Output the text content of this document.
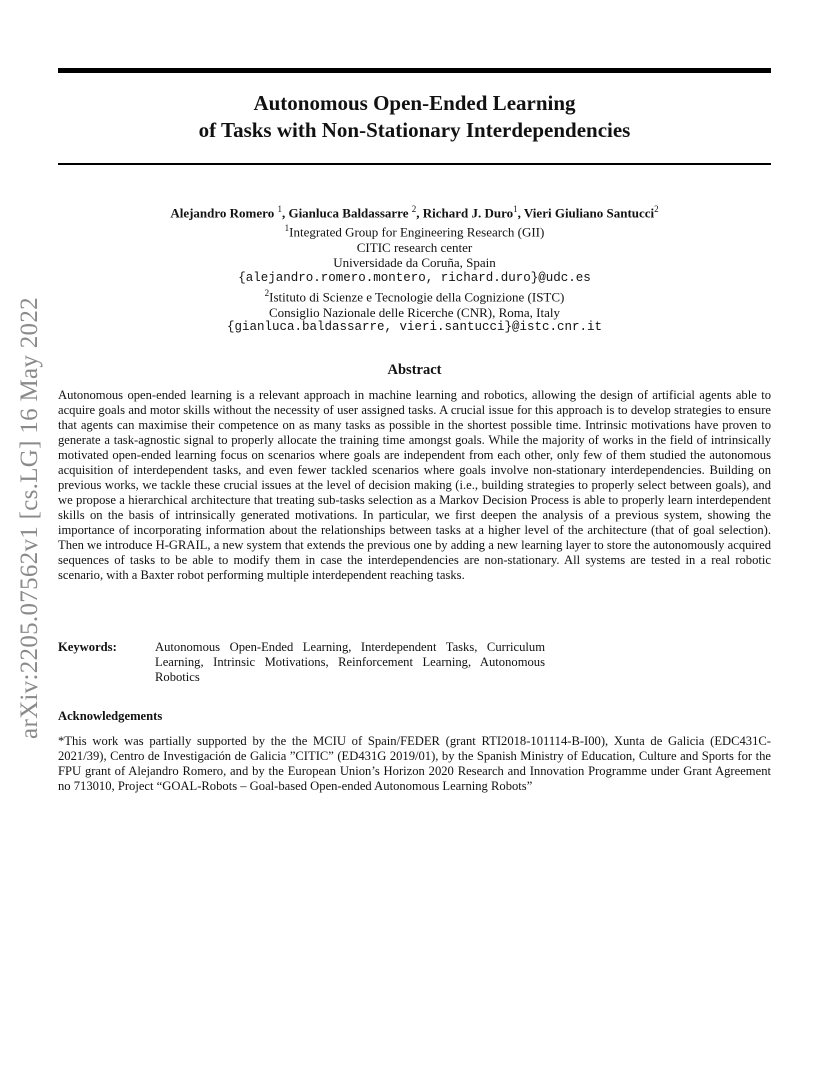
arXiv:2205.07562v1 [cs.LG] 16 May 2022
Autonomous Open-Ended Learning
of Tasks with Non-Stationary Interdependencies
Alejandro Romero $^1$, Gianluca Baldassarre $^2$, Richard J. Duro$^1$, Vieri Giuliano Santucci$^2$
$^1$Integrated Group for Engineering Research (GII)
CITIC research center
Universidade da Coruña, Spain
{alejandro.romero.montero, richard.duro}@udc.es
$^2$Istituto di Scienze e Tecnologie della Cognizione (ISTC)
Consiglio Nazionale delle Ricerche (CNR), Roma, Italy
{gianluca.baldassarre, vieri.santucci}@istc.cnr.it
Abstract
Autonomous open-ended learning is a relevant approach in machine learning and robotics, allowing the design of artificial agents able to acquire goals and motor skills without the necessity of user assigned tasks. A crucial issue for this approach is to develop strategies to ensure that agents can maximise their competence on as many tasks as possible in the shortest possible time. Intrinsic motivations have proven to generate a task-agnostic signal to properly allocate the training time amongst goals. While the majority of works in the field of intrinsically motivated open-ended learning focus on scenarios where goals are independent from each other, only few of them studied the autonomous acquisition of interdependent tasks, and even fewer tackled scenarios where goals involve non-stationary interdependencies. Building on previous works, we tackle these crucial issues at the level of decision making (i.e., building strategies to properly select between goals), and we propose a hierarchical architecture that treating sub-tasks selection as a Markov Decision Process is able to properly learn interdependent skills on the basis of intrinsically generated motivations. In particular, we first deepen the analysis of a previous system, showing the importance of incorporating information about the relationships between tasks at a higher level of the architecture (that of goal selection). Then we introduce H-GRAIL, a new system that extends the previous one by adding a new learning layer to store the autonomously acquired sequences of tasks to be able to modify them in case the interdependencies are non-stationary. All systems are tested in a real robotic scenario, with a Baxter robot performing multiple interdependent reaching tasks.
Keywords:	Autonomous Open-Ended Learning, Interdependent Tasks, Curriculum Learning, Intrinsic Motivations, Reinforcement Learning, Autonomous Robotics
Acknowledgements
*This work was partially supported by the the MCIU of Spain/FEDER (grant RTI2018-101114-B-I00), Xunta de Galicia (EDC431C-2021/39), Centro de Investigación de Galicia ”CITIC” (ED431G 2019/01), by the Spanish Ministry of Education, Culture and Sports for the FPU grant of Alejandro Romero, and by the European Union’s Horizon 2020 Research and Innovation Programme under Grant Agreement no 713010, Project “GOAL-Robots – Goal-based Open-ended Autonomous Learning Robots”
